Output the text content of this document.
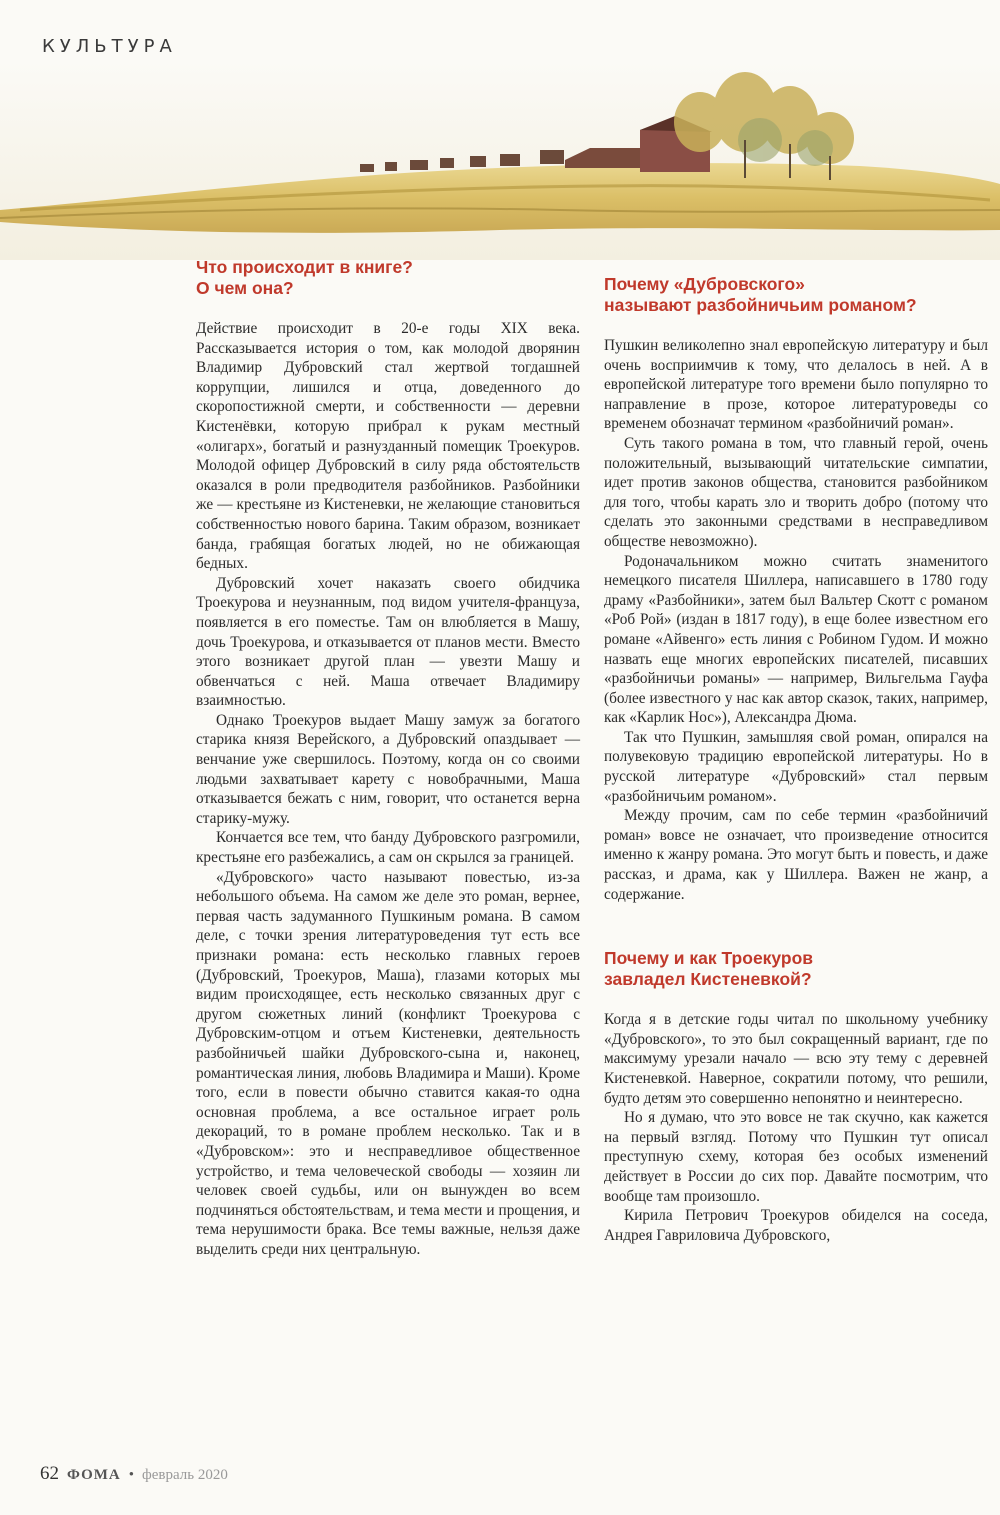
КУЛЬТУРА
Что происходит в книге?
О чем она?

Действие происходит в 20-е годы XIX века. Рассказывается история о том, как молодой дворянин Владимир Дубровский стал жертвой тогдашней коррупции, лишился и отца, доведенного до скоропостижной смерти, и собственности — деревни Кистенёвки, которую прибрал к рукам местный «олигарх», богатый и разнузданный помещик Троекуров. Молодой офицер Дубровский в силу ряда обстоятельств оказался в роли предводителя разбойников. Разбойники же — крестьяне из Кистеневки, не желающие становиться собственностью нового барина. Таким образом, возникает банда, грабящая богатых людей, но не обижающая бедных.

Дубровский хочет наказать своего обидчика Троекурова и неузнанным, под видом учителя-француза, появляется в его поместье. Там он влюбляется в Машу, дочь Троекурова, и отказывается от планов мести. Вместо этого возникает другой план — увезти Машу и обвенчаться с ней. Маша отвечает Владимиру взаимностью.

Однако Троекуров выдает Машу замуж за богатого старика князя Верейского, а Дубровский опаздывает — венчание уже свершилось. Поэтому, когда он со своими людьми захватывает карету с новобрачными, Маша отказывается бежать с ним, говорит, что останется верна старику-мужу.

Кончается все тем, что банду Дубровского разгромили, крестьяне его разбежались, а сам он скрылся за границей.

«Дубровского» часто называют повестью, из-за небольшого объема. На самом же деле это роман, вернее, первая часть задуманного Пушкиным романа. В самом деле, с точки зрения литературоведения тут есть все признаки романа: есть несколько главных героев (Дубровский, Троекуров, Маша), глазами которых мы видим происходящее, есть несколько связанных друг с другом сюжетных линий (конфликт Троекурова с Дубровским-отцом и отъем Кистеневки, деятельность разбойничьей шайки Дубровского-сына и, наконец, романтическая линия, любовь Владимира и Маши). Кроме того, если в повести обычно ставится какая-то одна основная проблема, а все остальное играет роль декораций, то в романе проблем несколько. Так и в «Дубровском»: это и несправедливое общественное устройство, и тема человеческой свободы — хозяин ли человек своей судьбы, или он вынужден во всем подчиняться обстоятельствам, и тема мести и прощения, и тема нерушимости брака. Все темы важные, нельзя даже выделить среди них центральную.

Почему «Дубровского»
называют разбойничьим романом?

Пушкин великолепно знал европейскую литературу и был очень восприимчив к тому, что делалось в ней. А в европейской литературе того времени было популярно то направление в прозе, которое литературоведы со временем обозначат термином «разбойничий роман».

Суть такого романа в том, что главный герой, очень положительный, вызывающий читательские симпатии, идет против законов общества, становится разбойником для того, чтобы карать зло и творить добро (потому что сделать это законными средствами в несправедливом обществе невозможно).

Родоначальником можно считать знаменитого немецкого писателя Шиллера, написавшего в 1780 году драму «Разбойники», затем был Вальтер Скотт с романом «Роб Рой» (издан в 1817 году), в еще более известном его романе «Айвенго» есть линия с Робином Гудом. И можно назвать еще многих европейских писателей, писавших «разбойничьи романы» — например, Вильгельма Гауфа (более известного у нас как автор сказок, таких, например, как «Карлик Нос»), Александра Дюма.

Так что Пушкин, замышляя свой роман, опирался на полувековую традицию европейской литературы. Но в русской литературе «Дубровский» стал первым «разбойничьим романом».

Между прочим, сам по себе термин «разбойничий роман» вовсе не означает, что произведение относится именно к жанру романа. Это могут быть и повесть, и даже рассказ, и драма, как у Шиллера. Важен не жанр, а содержание.

Почему и как Троекуров
завладел Кистеневкой?

Когда я в детские годы читал по школьному учебнику «Дубровского», то это был сокращенный вариант, где по максимуму урезали начало — всю эту тему с деревней Кистеневкой. Наверное, сократили потому, что решили, будто детям это совершенно непонятно и неинтересно.

Но я думаю, что это вовсе не так скучно, как кажется на первый взгляд. Потому что Пушкин тут описал преступную схему, которая без особых изменений действует в России до сих пор. Давайте посмотрим, что вообще там произошло.

Кирила Петрович Троекуров обиделся на соседа, Андрея Гавриловича Дубровского,

62 ФОМА • февраль 2020
